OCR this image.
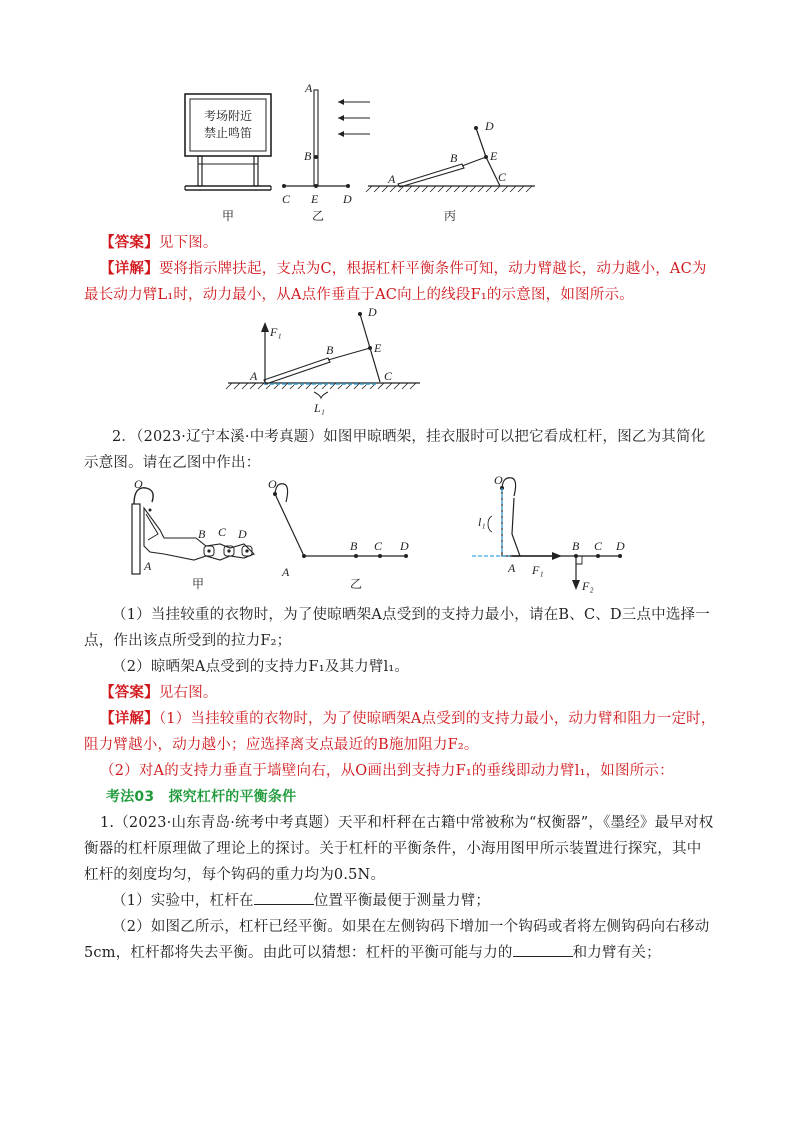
考场附近
禁止鸣笛
甲
A
B
C E D
乙
A
B
C
D
E
丙
【答案】见下图。
【详解】要将指示牌扶起，支点为C，根据杠杆平衡条件可知，动力臂越长，动力越小，AC为最长动力臂L₁时，动力最小，从A点作垂直于AC向上的线段F₁的示意图，如图所示。
F₁
A
B
C
D
E
L₁
2．（2023·辽宁本溪·中考真题）如图甲晾晒架，挂衣服时可以把它看成杠杆，图乙为其简化示意图。请在乙图中作出：
O
A
B C D
甲
O
A
B C D
乙
O
l₁
A F₁
B C D
F₂
（1）当挂较重的衣物时，为了使晾晒架A点受到的支持力最小，请在B、C、D三点中选择一点，作出该点所受到的拉力F₂；
（2）晾晒架A点受到的支持力F₁及其力臂l₁。
【答案】见右图。
【详解】（1）当挂较重的衣物时，为了使晾晒架A点受到的支持力最小，动力臂和阻力一定时，阻力臂越小，动力越小；应选择离支点最近的B施加阻力F₂。
（2）对A的支持力垂直于墙壁向右，从O画出到支持力F₁的垂线即动力臂l₁，如图所示：
考法03　探究杠杆的平衡条件
1.（2023·山东青岛·统考中考真题）天平和杆秤在古籍中常被称为“权衡器”，《墨经》最早对权衡器的杠杆原理做了理论上的探讨。关于杠杆的平衡条件，小海用图甲所示装置进行探究，其中杠杆的刻度均匀，每个钩码的重力均为0.5N。
（1）实验中，杠杆在	位置平衡最便于测量力臂；
（2）如图乙所示，杠杆已经平衡。如果在左侧钩码下增加一个钩码或者将左侧钩码向右移动5cm，杠杆都将失去平衡。由此可以猜想：杠杆的平衡可能与力的	和力臂有关；
